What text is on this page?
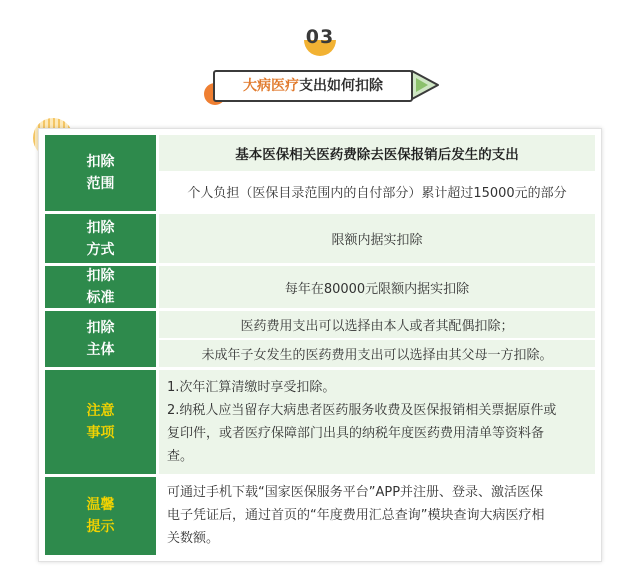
03
大病医疗支出如何扣除
扣除
范围
基本医保相关医药费除去医保报销后发生的支出
个人负担（医保目录范围内的自付部分）累计超过15000元的部分
扣除
方式
限额内据实扣除
扣除
标准
每年在80000元限额内据实扣除
扣除
主体
医药费用支出可以选择由本人或者其配偶扣除；
未成年子女发生的医药费用支出可以选择由其父母一方扣除。
注意
事项
1.次年汇算清缴时享受扣除。
2.纳税人应当留存大病患者医药服务收费及医保报销相关票据原件或
复印件，或者医疗保障部门出具的纳税年度医药费用清单等资料备
查。
温馨
提示
可通过手机下载“国家医保服务平台”APP并注册、登录、激活医保
电子凭证后，通过首页的“年度费用汇总查询”模块查询大病医疗相
关数额。
